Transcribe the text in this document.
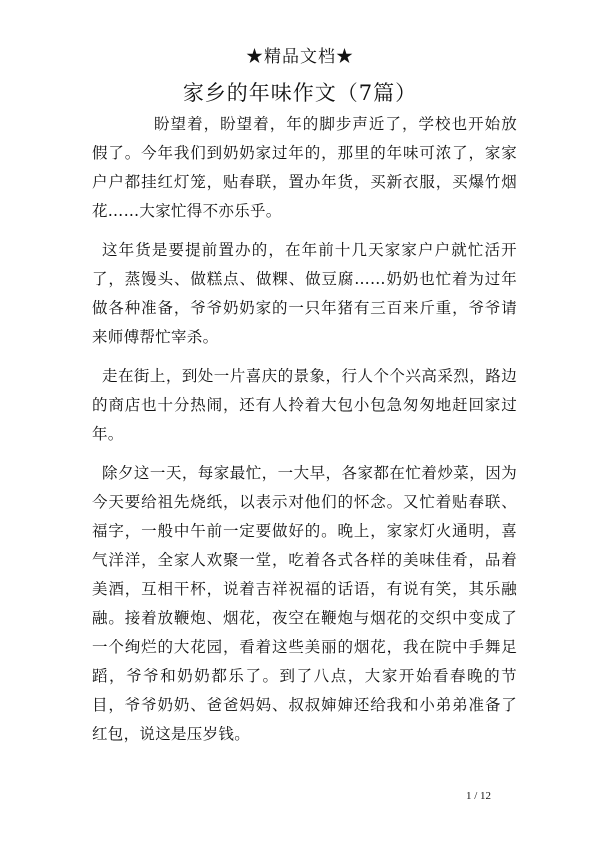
★精品文档★
家乡的年味作文（7篇）

盼望着，盼望着，年的脚步声近了，学校也开始放假了。今年我们到奶奶家过年的，那里的年味可浓了，家家户户都挂红灯笼，贴春联，置办年货，买新衣服，买爆竹烟花……大家忙得不亦乐乎。

这年货是要提前置办的，在年前十几天家家户户就忙活开了，蒸馒头、做糕点、做粿、做豆腐……奶奶也忙着为过年做各种准备，爷爷奶奶家的一只年猪有三百来斤重，爷爷请来师傅帮忙宰杀。

走在街上，到处一片喜庆的景象，行人个个兴高采烈，路边的商店也十分热闹，还有人拎着大包小包急匆匆地赶回家过年。

除夕这一天，每家最忙，一大早，各家都在忙着炒菜，因为今天要给祖先烧纸，以表示对他们的怀念。又忙着贴春联、福字，一般中午前一定要做好的。晚上，家家灯火通明，喜气洋洋，全家人欢聚一堂，吃着各式各样的美味佳肴，品着美酒，互相干杯，说着吉祥祝福的话语，有说有笑，其乐融融。接着放鞭炮、烟花，夜空在鞭炮与烟花的交织中变成了一个绚烂的大花园，看着这些美丽的烟花，我在院中手舞足蹈，爷爷和奶奶都乐了。到了八点，大家开始看春晚的节目，爷爷奶奶、爸爸妈妈、叔叔婶婶还给我和小弟弟准备了红包，说这是压岁钱。

1 / 12
